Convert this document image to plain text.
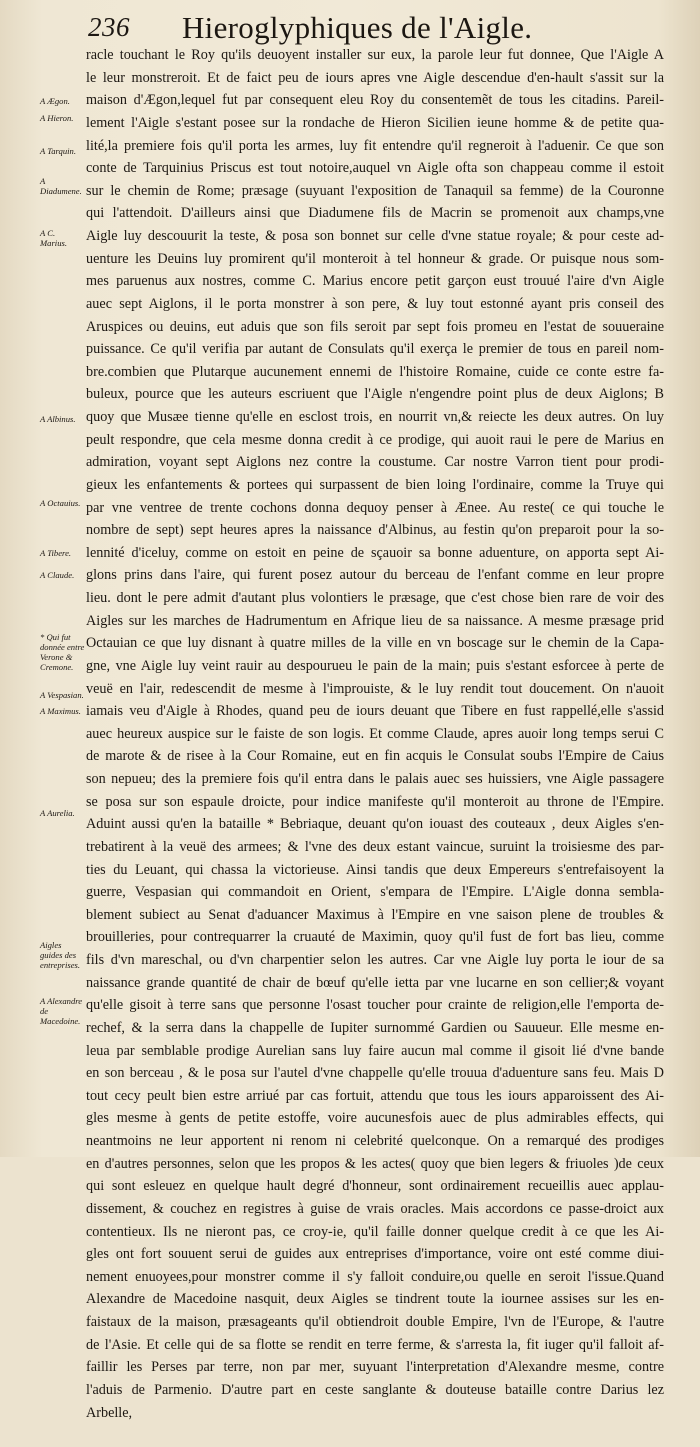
236 Hieroglyphiques de l'Aigle.
A Ægon.
A Hieron.
A Tarquin.
A Diadumene.
A C. Marius.
A Albinus.
A Octauius.
A Tibere.
A Claude.
* Qui fut donnée entre Verone & Cremone.
A Vespasian.
A Maximus.
A Aurelia.
Aigles guides des entreprises.
A Alexandre de Macedoine.
racle touchant le Roy qu'ils deuoyent installer sur eux, la parole leur fut donnee, Que l'Aigle A
le leur monstreroit. Et de faict peu de iours apres vne Aigle descendue d'en-hault s'assit sur la
maison d'Ægon,lequel fut par consequent eleu Roy du consentemẽt de tous les citadins. Pareil-
lement l'Aigle s'estant posee sur la rondache de Hieron Sicilien ieune homme & de petite qua-
lité,la premiere fois qu'il porta les armes, luy fit entendre qu'il regneroit à l'aduenir. Ce que son
conte de Tarquinius Priscus est tout notoire,auquel vn Aigle ofta son chappeau comme il estoit
sur le chemin de Rome; præsage (suyuant l'exposition de Tanaquil sa femme) de la Couronne
qui l'attendoit. D'ailleurs ainsi que Diadumene fils de Macrin se promenoit aux champs,vne
Aigle luy descouurit la teste, & posa son bonnet sur celle d'vne statue royale; & pour ceste ad-
uenture les Deuins luy promirent qu'il monteroit à tel honneur & grade. Or puisque nous som-
mes paruenus aux nostres, comme C. Marius encore petit garçon eust trouué l'aire d'vn Aigle
auec sept Aiglons, il le porta monstrer à son pere, & luy tout estonné ayant pris conseil des
Aruspices ou deuins, eut aduis que son fils seroit par sept fois promeu en l'estat de souueraine
puissance. Ce qu'il verifia par autant de Consulats qu'il exerça le premier de tous en pareil nom-
bre.combien que Plutarque aucunement ennemi de l'histoire Romaine, cuide ce conte estre fa-
buleux, pource que les auteurs escriuent que l'Aigle n'engendre point plus de deux Aiglons; B
quoy que Musæe tienne qu'elle en esclost trois, en nourrit vn,& reiecte les deux autres. On luy
peult respondre, que cela mesme donna credit à ce prodige, qui auoit raui le pere de Marius en
admiration, voyant sept Aiglons nez contre la coustume. Car nostre Varron tient pour prodi-
gieux les enfantements & portees qui surpassent de bien loing l'ordinaire, comme la Truye qui
par vne ventree de trente cochons donna dequoy penser à Æneе. Au reste( ce qui touche le
nombre de sept) sept heures apres la naissance d'Albinus, au festin qu'on preparoit pour la so-
lennité d'iceluy, comme on estoit en peine de sçauoir sa bonne aduenture, on apporta sept Ai-
glons prins dans l'aire, qui furent posez autour du berceau de l'enfant comme en leur propre
lieu. dont le pere admit d'autant plus volontiers le præsage, que c'est chose bien rare de voir des
Aigles sur les marches de Hadrumentum en Afrique lieu de sa naissance. A mesme præsage prid
Octauian ce que luy disnant à quatre milles de la ville en vn boscage sur le chemin de la Capa-
gne, vne Aigle luy veint rauir au despourueu le pain de la main; puis s'estant esforcee à perte de
veuë en l'air, redescendit de mesme à l'improuiste, & le luy rendit tout doucement. On n'auoit
iamais veu d'Aigle à Rhodes, quand peu de iours deuant que Tibere en fust rappellé,elle s'assid
auec heureux auspice sur le faiste de son logis. Et comme Claude, apres auoir long temps serui C
de marote & de risee à la Cour Romaine, eut en fin acquis le Consulat soubs l'Empire de Caius
son nepueu; des la premiere fois qu'il entra dans le palais auec ses huissiers, vne Aigle passagere
se posa sur son espaule droicte, pour indice manifeste qu'il monteroit au throne de l'Empire.
Aduint aussi qu'en la bataille * Bebriaque, deuant qu'on iouast des couteaux , deux Aigles s'en-
trebatirent à la veuë des armees; & l'vne des deux estant vaincue, suruint la troisiesme des par-
ties du Leuant, qui chassa la victorieuse. Ainsi tandis que deux Empereurs s'entrefaisoyent la
guerre, Vespasian qui commandoit en Orient, s'empara de l'Empire. L'Aigle donna sembla-
blement subiect au Senat d'aduancer Maximus à l'Empire en vne saison plene de troubles &
brouilleries, pour contrequarrer la cruauté de Maximin, quoy qu'il fust de fort bas lieu, comme
fils d'vn mareschal, ou d'vn charpentier selon les autres. Car vne Aigle luy porta le iour de sa
naissance grande quantité de chair de bœuf qu'elle ietta par vne lucarne en son cellier;& voyant
qu'elle gisoit à terre sans que personne l'osast toucher pour crainte de religion,elle l'emporta de-
rechef, & la serra dans la chappelle de Iupiter surnommé Gardien ou Sauueur. Elle mesme en-
leua par semblable prodige Aurelian sans luy faire aucun mal comme il gisoit lié d'vne bande
en son berceau , & le posa sur l'autel d'vne chappelle qu'elle trouua d'aduenture sans feu. Mais D
tout cecy peult bien estre arriué par cas fortuit, attendu que tous les iours apparoissent des Ai-
gles mesme à gents de petite estoffe, voire aucunesfois auec de plus admirables effects, qui
neantmoins ne leur apportent ni renom ni celebrité quelconque. On a remarqué des prodiges
en d'autres personnes, selon que les propos & les actes( quoy que bien legers & friuoles )de ceux
qui sont esleuez en quelque hault degré d'honneur, sont ordinairement recueillis auec applau-
dissement, & couchez en registres à guise de vrais oracles. Mais accordons ce passe-droict aux
contentieux. Ils ne nieront pas, ce croy-ie, qu'il faille donner quelque credit à ce que les Ai-
gles ont fort souuent serui de guides aux entreprises d'importance, voire ont esté comme diui-
nement enuoyees,pour monstrer comme il s'y falloit conduire,ou quelle en seroit l'issue.Quand
Alexandre de Macedoine nasquit, deux Aigles se tindrent toute la iournee assises sur les en-
faistaux de la maison, præsageants qu'il obtiendroit double Empire, l'vn de l'Europe, & l'autre
de l'Asie. Et celle qui de sa flotte se rendit en terre ferme, & s'arresta la, fit iuger qu'il falloit af-
faillir les Perses par terre, non par mer, suyuant l'interpretation d'Alexandre mesme, contre
l'aduis de Parmenio. D'autre part en ceste sanglante & douteuse bataille contre Darius lez
Arbelle,
